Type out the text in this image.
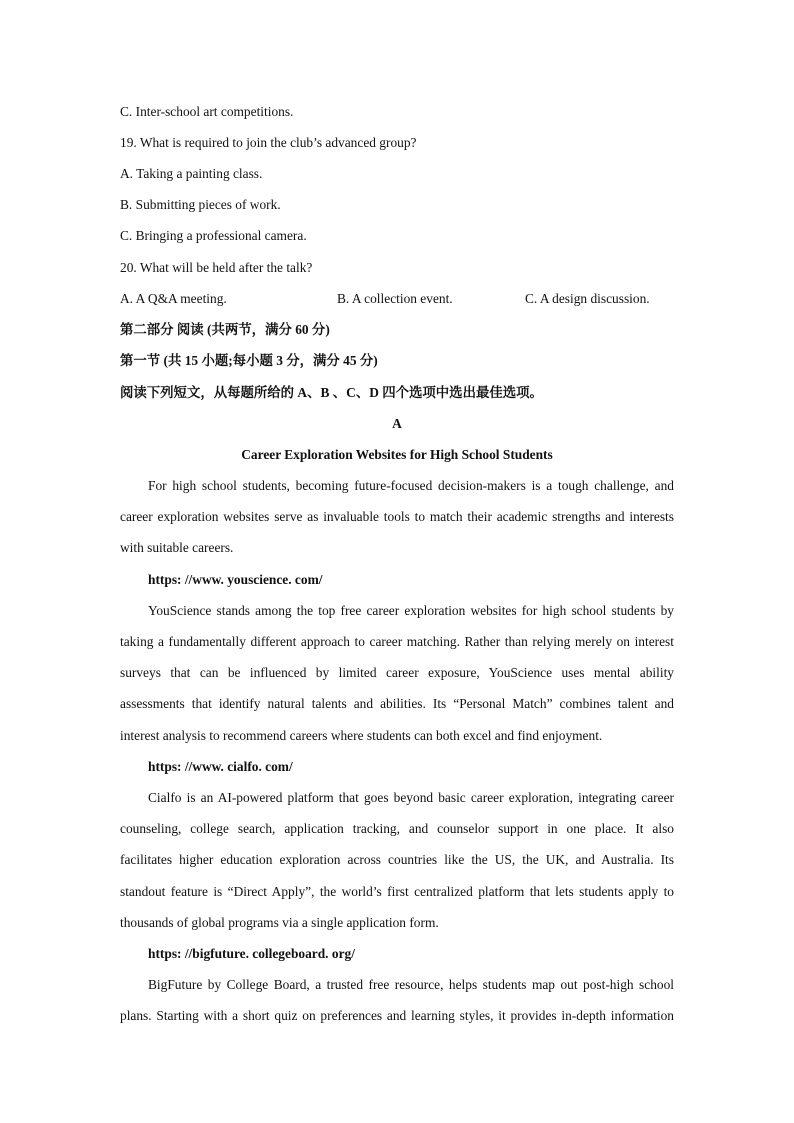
C. Inter-school art competitions.

19. What is required to join the club’s advanced group?

A. Taking a painting class.

B. Submitting pieces of work.

C. Bringing a professional camera.

20. What will be held after the talk?

A. A Q&A meeting.	B. A collection event.	C. A design discussion.

第二部分 阅读 (共两节，满分 60 分)

第一节 (共 15 小题;每小题 3 分，满分 45 分)

阅读下列短文，从每题所给的 A、B 、C、D 四个选项中选出最佳选项。

A

Career Exploration Websites for High School Students

For high school students, becoming future-focused decision-makers is a tough challenge, and

career exploration websites serve as invaluable tools to match their academic strengths and interests

with suitable careers.

https: //www. youscience. com/

YouScience stands among the top free career exploration websites for high school students by

taking a fundamentally different approach to career matching. Rather than relying merely on interest

surveys that can be influenced by limited career exposure, YouScience uses mental ability

assessments that identify natural talents and abilities. Its “Personal Match” combines talent and

interest analysis to recommend careers where students can both excel and find enjoyment.

https: //www. cialfo. com/

Cialfo is an AI-powered platform that goes beyond basic career exploration, integrating career

counseling, college search, application tracking, and counselor support in one place. It also

facilitates higher education exploration across countries like the US, the UK, and Australia. Its

standout feature is “Direct Apply”, the world’s first centralized platform that lets students apply to

thousands of global programs via a single application form.

https: //bigfuture. collegeboard. org/

BigFuture by College Board, a trusted free resource, helps students map out post-high school

plans. Starting with a short quiz on preferences and learning styles, it provides in-depth information
